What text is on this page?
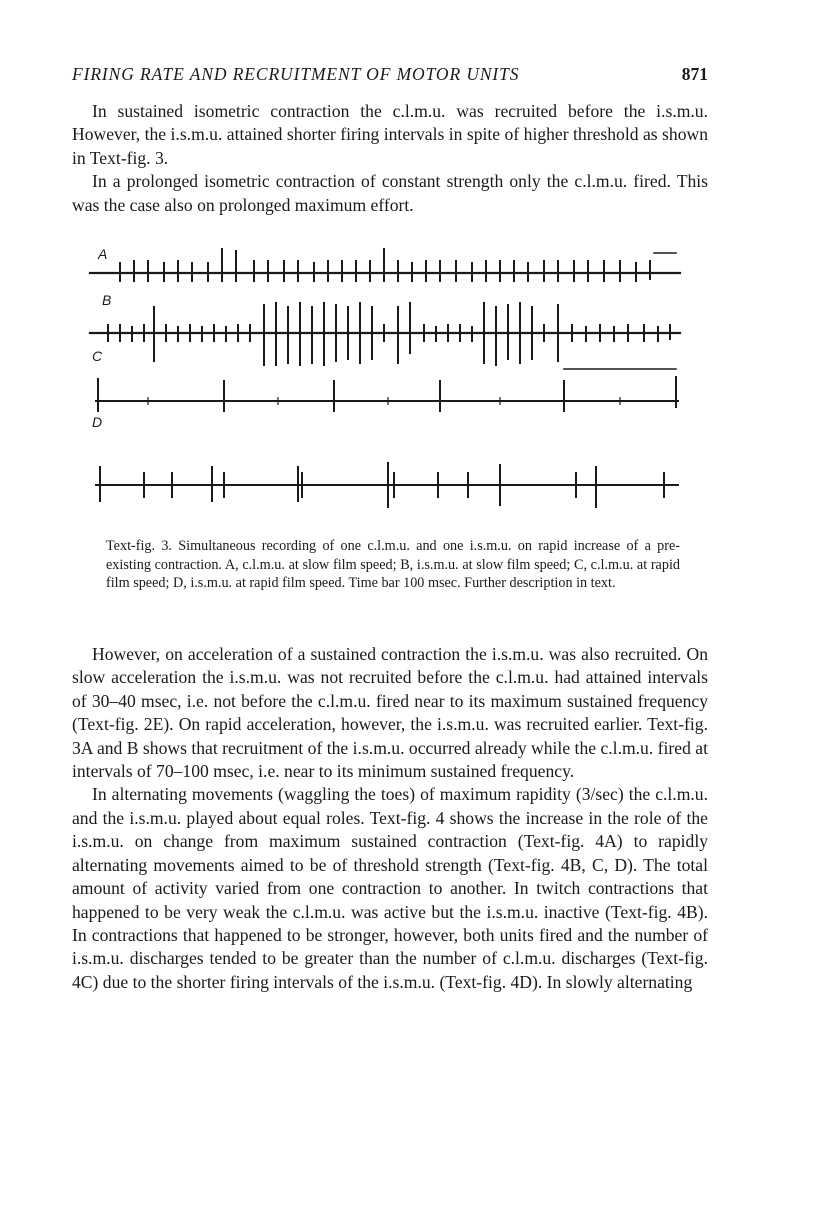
FIRING RATE AND RECRUITMENT OF MOTOR UNITS	871

In sustained isometric contraction the c.l.m.u. was recruited before the i.s.m.u. However, the i.s.m.u. attained shorter firing intervals in spite of higher threshold as shown in Text-fig. 3.

In a prolonged isometric contraction of constant strength only the c.l.m.u. fired. This was the case also on prolonged maximum effort.

A
B
C
D
Text-fig. 3. Simultaneous recording of one c.l.m.u. and one i.s.m.u. on rapid increase of a pre-existing contraction. A, c.l.m.u. at slow film speed; B, i.s.m.u. at slow film speed; C, c.l.m.u. at rapid film speed; D, i.s.m.u. at rapid film speed. Time bar 100 msec. Further description in text.

However, on acceleration of a sustained contraction the i.s.m.u. was also recruited. On slow acceleration the i.s.m.u. was not recruited before the c.l.m.u. had attained intervals of 30–40 msec, i.e. not before the c.l.m.u. fired near to its maximum sustained frequency (Text-fig. 2E). On rapid acceleration, however, the i.s.m.u. was recruited earlier. Text-fig. 3A and B shows that recruitment of the i.s.m.u. occurred already while the c.l.m.u. fired at intervals of 70–100 msec, i.e. near to its minimum sustained frequency.

In alternating movements (waggling the toes) of maximum rapidity (3/sec) the c.l.m.u. and the i.s.m.u. played about equal roles. Text-fig. 4 shows the increase in the role of the i.s.m.u. on change from maximum sustained contraction (Text-fig. 4A) to rapidly alternating movements aimed to be of threshold strength (Text-fig. 4B, C, D). The total amount of activity varied from one contraction to another. In twitch contractions that happened to be very weak the c.l.m.u. was active but the i.s.m.u. inactive (Text-fig. 4B). In contractions that happened to be stronger, however, both units fired and the number of i.s.m.u. discharges tended to be greater than the number of c.l.m.u. discharges (Text-fig. 4C) due to the shorter firing intervals of the i.s.m.u. (Text-fig. 4D). In slowly alternating
